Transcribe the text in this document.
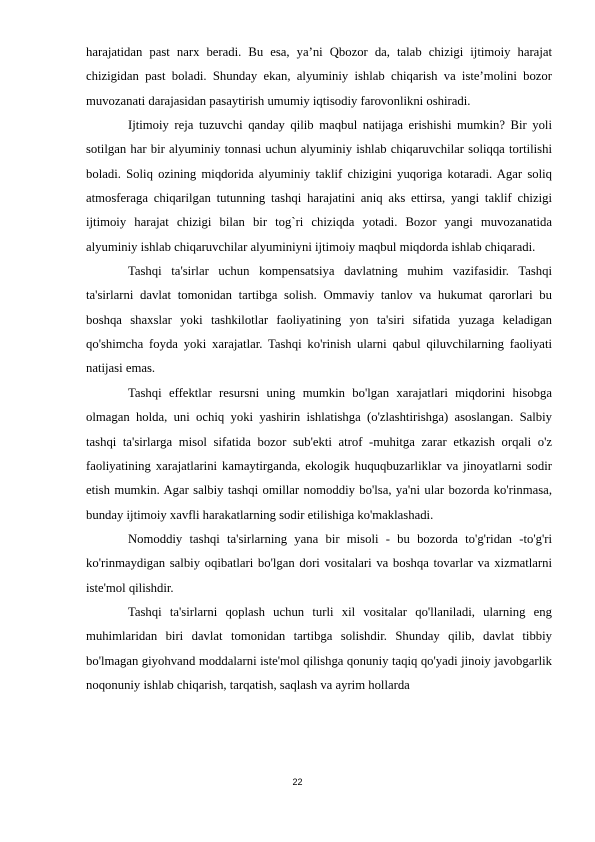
harajatidan past narx beradi. Bu esa, ya’ni Qbozor da, talab chizigi ijtimoiy harajat chizigidan past boladi. Shunday ekan, alyuminiy ishlab chiqarish va iste’molini bozor muvozanati darajasidan pasaytirish umumiy iqtisodiy farovonlikni oshiradi.

Ijtimoiy reja tuzuvchi qanday qilib maqbul natijaga erishishi mumkin? Bir yoli sotilgan har bir alyuminiy tonnasi uchun alyuminiy ishlab chiqaruvchilar soliqqa tortilishi boladi. Soliq ozining miqdorida alyuminiy taklif chizigini yuqoriga kotaradi. Agar soliq atmosferaga chiqarilgan tutunning tashqi harajatini aniq aks ettirsa, yangi taklif chizigi ijtimoiy harajat chizigi bilan bir tog`ri chiziqda yotadi. Bozor yangi muvozanatida alyuminiy ishlab chiqaruvchilar alyuminiyni ijtimoiy maqbul miqdorda ishlab chiqaradi.

Tashqi ta'sirlar uchun kompensatsiya davlatning muhim vazifasidir. Tashqi ta'sirlarni davlat tomonidan tartibga solish. Ommaviy tanlov va hukumat qarorlari bu boshqa shaxslar yoki tashkilotlar faoliyatining yon ta'siri sifatida yuzaga keladigan qo'shimcha foyda yoki xarajatlar. Tashqi ko'rinish ularni qabul qiluvchilarning faoliyati natijasi emas.

Tashqi effektlar resursni uning mumkin bo'lgan xarajatlari miqdorini hisobga olmagan holda, uni ochiq yoki yashirin ishlatishga (o'zlashtirishga) asoslangan. Salbiy tashqi ta'sirlarga misol sifatida bozor sub'ekti atrof -muhitga zarar etkazish orqali o'z faoliyatining xarajatlarini kamaytirganda, ekologik huquqbuzarliklar va jinoyatlarni sodir etish mumkin. Agar salbiy tashqi omillar nomoddiy bo'lsa, ya'ni ular bozorda ko'rinmasa, bunday ijtimoiy xavfli harakatlarning sodir etilishiga ko'maklashadi.

Nomoddiy tashqi ta'sirlarning yana bir misoli - bu bozorda to'g'ridan -to'g'ri ko'rinmaydigan salbiy oqibatlari bo'lgan dori vositalari va boshqa tovarlar va xizmatlarni iste'mol qilishdir.

Tashqi ta'sirlarni qoplash uchun turli xil vositalar qo'llaniladi, ularning eng muhimlaridan biri davlat tomonidan tartibga solishdir. Shunday qilib, davlat tibbiy bo'lmagan giyohvand moddalarni iste'mol qilishga qonuniy taqiq qo'yadi jinoiy javobgarlik noqonuniy ishlab chiqarish, tarqatish, saqlash va ayrim hollarda

22
